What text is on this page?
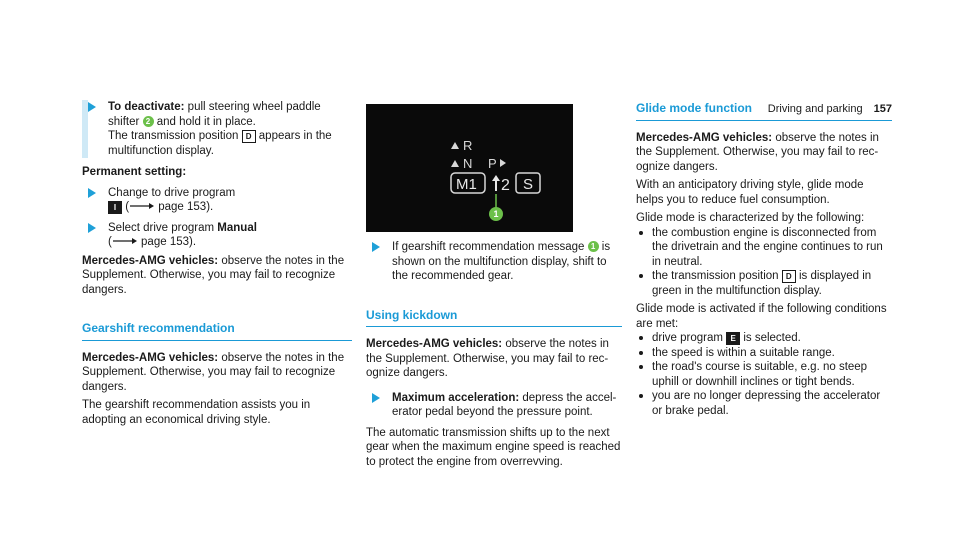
Driving and parking 157

To deactivate: pull steering wheel paddle shifter 2 and hold it in place.
The transmission position D appears in the multifunction display.

Permanent setting:

Change to drive program
I ( page 153).

Select drive program Manual
( page 153).

Mercedes-AMG vehicles: observe the notes in the Supplement. Otherwise, you may fail to recognize dangers.

Gearshift recommendation

Mercedes-AMG vehicles: observe the notes in the Supplement. Otherwise, you may fail to recognize dangers.

The gearshift recommendation assists you in adopting an economical driving style.

R
N P
M1 2 S
1

If gearshift recommendation message 1 is shown on the multifunction display, shift to the recommended gear.

Using kickdown

Mercedes-AMG vehicles: observe the notes in the Supplement. Otherwise, you may fail to recognize dangers.

Maximum acceleration: depress the accelerator pedal beyond the pressure point.

The automatic transmission shifts up to the next gear when the maximum engine speed is reached to protect the engine from overrevving.

Glide mode function

Mercedes-AMG vehicles: observe the notes in the Supplement. Otherwise, you may fail to recognize dangers.

With an anticipatory driving style, glide mode helps you to reduce fuel consumption.

Glide mode is characterized by the following:

the combustion engine is disconnected from the drivetrain and the engine continues to run in neutral.
the transmission position D is displayed in green in the multifunction display.

Glide mode is activated if the following conditions are met:

drive program E is selected.
the speed is within a suitable range.
the road's course is suitable, e.g. no steep uphill or downhill inclines or tight bends.
you are no longer depressing the accelerator or brake pedal.
